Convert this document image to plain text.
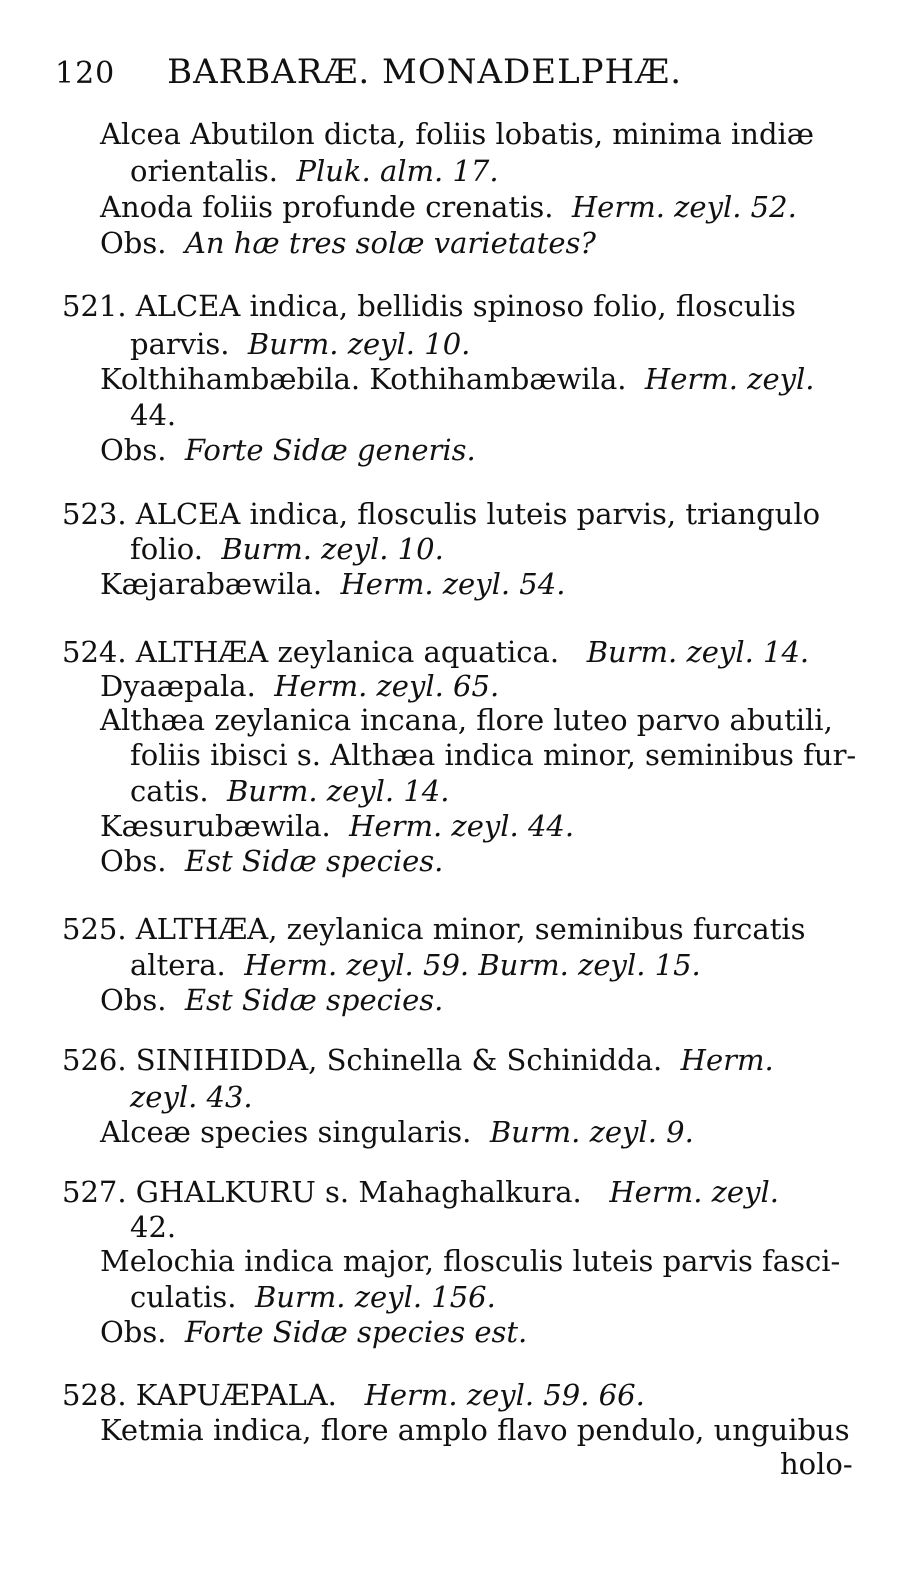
120 BARBARÆ. MONADELPHÆ.
Alcea Abutilon dicta, foliis lobatis, minima indiæ
orientalis. Pluk. alm. 17.
Anoda foliis profunde crenatis. Herm. zeyl. 52.
Obs. An hæ tres solæ varietates?
521. ALCEA indica, bellidis spinoso folio, flosculis
parvis. Burm. zeyl. 10.
Kolthihambæbila. Kothihambæwila. Herm. zeyl.
44.
Obs. Forte Sidæ generis.
523. ALCEA indica, flosculis luteis parvis, triangulo
folio. Burm. zeyl. 10.
Kæjarabæwila. Herm. zeyl. 54.
524. ALTHÆA zeylanica aquatica. Burm. zeyl. 14.
Dyaæpala. Herm. zeyl. 65.
Althæa zeylanica incana, flore luteo parvo abutili,
foliis ibisci s. Althæa indica minor, seminibus fur-
catis. Burm. zeyl. 14.
Kæsurubæwila. Herm. zeyl. 44.
Obs. Est Sidæ species.
525. ALTHÆA, zeylanica minor, seminibus furcatis
altera. Herm. zeyl. 59. Burm. zeyl. 15.
Obs. Est Sidæ species.
526. SINIHIDDA, Schinella & Schinidda. Herm.
zeyl. 43.
Alceæ species singularis. Burm. zeyl. 9.
527. GHALKURU s. Mahaghalkura. Herm. zeyl.
42.
Melochia indica major, flosculis luteis parvis fasci-
culatis. Burm. zeyl. 156.
Obs. Forte Sidæ species est.
528. KAPUÆPALA. Herm. zeyl. 59. 66.
Ketmia indica, flore amplo flavo pendulo, unguibus
holo-
